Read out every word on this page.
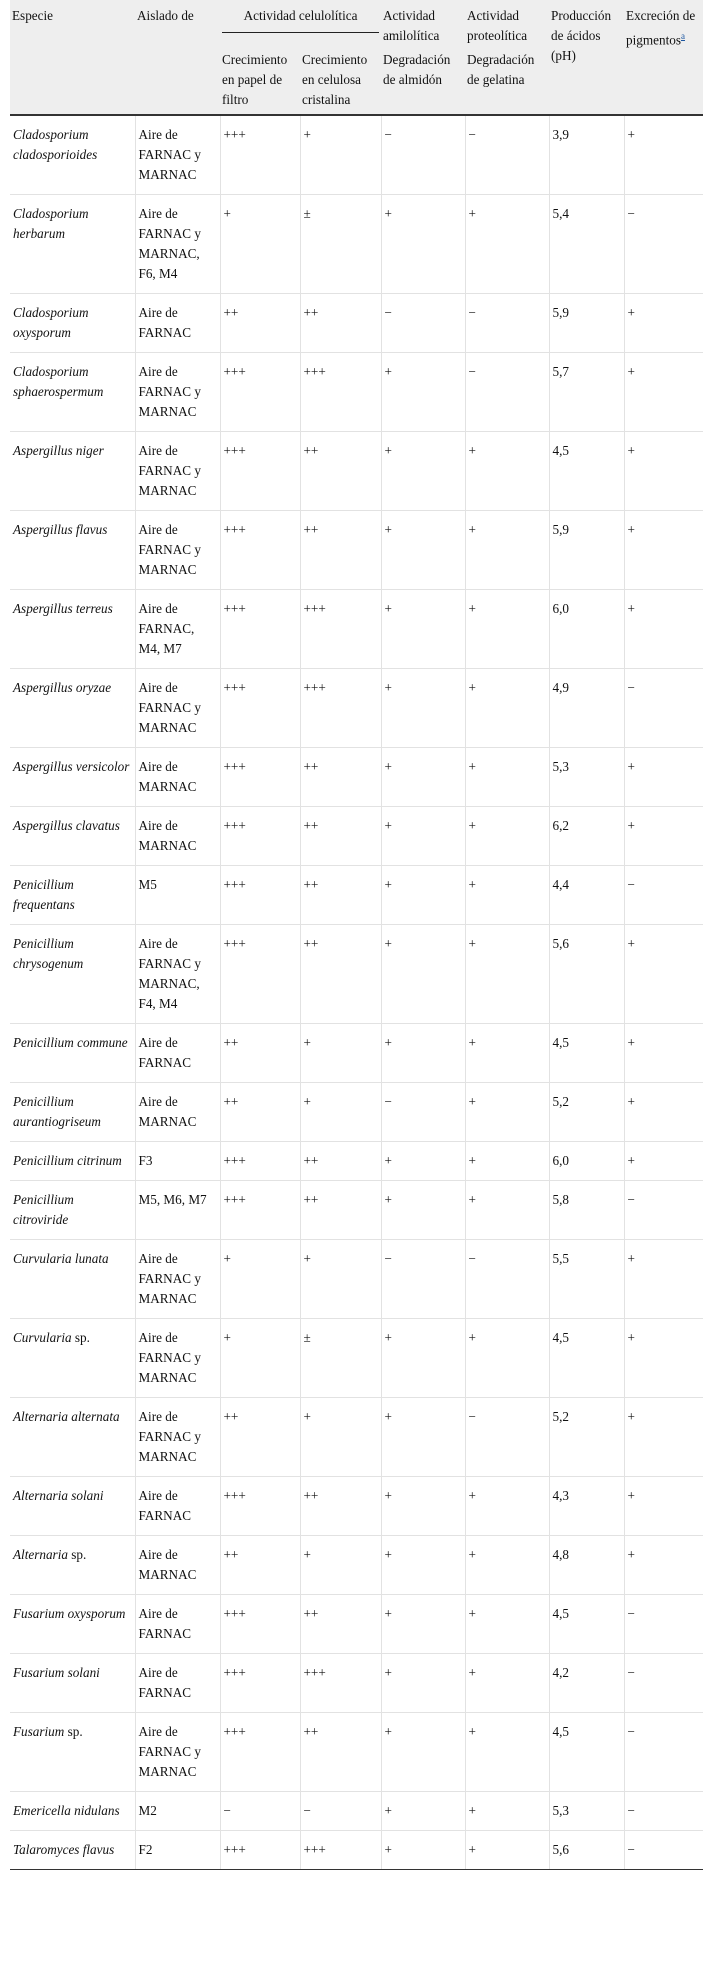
Especie	Aislado de	Actividad celulolítica		Actividad amilolítica	Actividad proteolítica	Producción de ácidos (pH)	Excreción de pigmentos$^a$
		Crecimiento en papel de filtro	Crecimiento en celulosa cristalina	Degradación de almidón	Degradación de gelatina		
Cladosporium cladosporioides	Aire de FARNAC y MARNAC	+++	+	−	−	3,9	+
Cladosporium herbarum	Aire de FARNAC y MARNAC, F6, M4	+	±	+	+	5,4	−
Cladosporium oxysporum	Aire de FARNAC	++	++	−	−	5,9	+
Cladosporium sphaerospermum	Aire de FARNAC y MARNAC	+++	+++	+	−	5,7	+
Aspergillus niger	Aire de FARNAC y MARNAC	+++	++	+	+	4,5	+
Aspergillus flavus	Aire de FARNAC y MARNAC	+++	++	+	+	5,9	+
Aspergillus terreus	Aire de FARNAC, M4, M7	+++	+++	+	+	6,0	+
Aspergillus oryzae	Aire de FARNAC y MARNAC	+++	+++	+	+	4,9	−
Aspergillus versicolor	Aire de MARNAC	+++	++	+	+	5,3	+
Aspergillus clavatus	Aire de MARNAC	+++	++	+	+	6,2	+
Penicillium frequentans	M5	+++	++	+	+	4,4	−
Penicillium chrysogenum	Aire de FARNAC y MARNAC, F4, M4	+++	++	+	+	5,6	+
Penicillium commune	Aire de FARNAC	++	+	+	+	4,5	+
Penicillium aurantiogriseum	Aire de MARNAC	++	+	−	+	5,2	+
Penicillium citrinum	F3	+++	++	+	+	6,0	+
Penicillium citroviride	M5, M6, M7	+++	++	+	+	5,8	−
Curvularia lunata	Aire de FARNAC y MARNAC	+	+	−	−	5,5	+
Curvularia sp.	Aire de FARNAC y MARNAC	+	±	+	+	4,5	+
Alternaria alternata	Aire de FARNAC y MARNAC	++	+	+	−	5,2	+
Alternaria solani	Aire de FARNAC	+++	++	+	+	4,3	+
Alternaria sp.	Aire de MARNAC	++	+	+	+	4,8	+
Fusarium oxysporum	Aire de FARNAC	+++	++	+	+	4,5	−
Fusarium solani	Aire de FARNAC	+++	+++	+	+	4,2	−
Fusarium sp.	Aire de FARNAC y MARNAC	+++	++	+	+	4,5	−
Emericella nidulans	M2	−	−	+	+	5,3	−
Talaromyces flavus	F2	+++	+++	+	+	5,6	−
